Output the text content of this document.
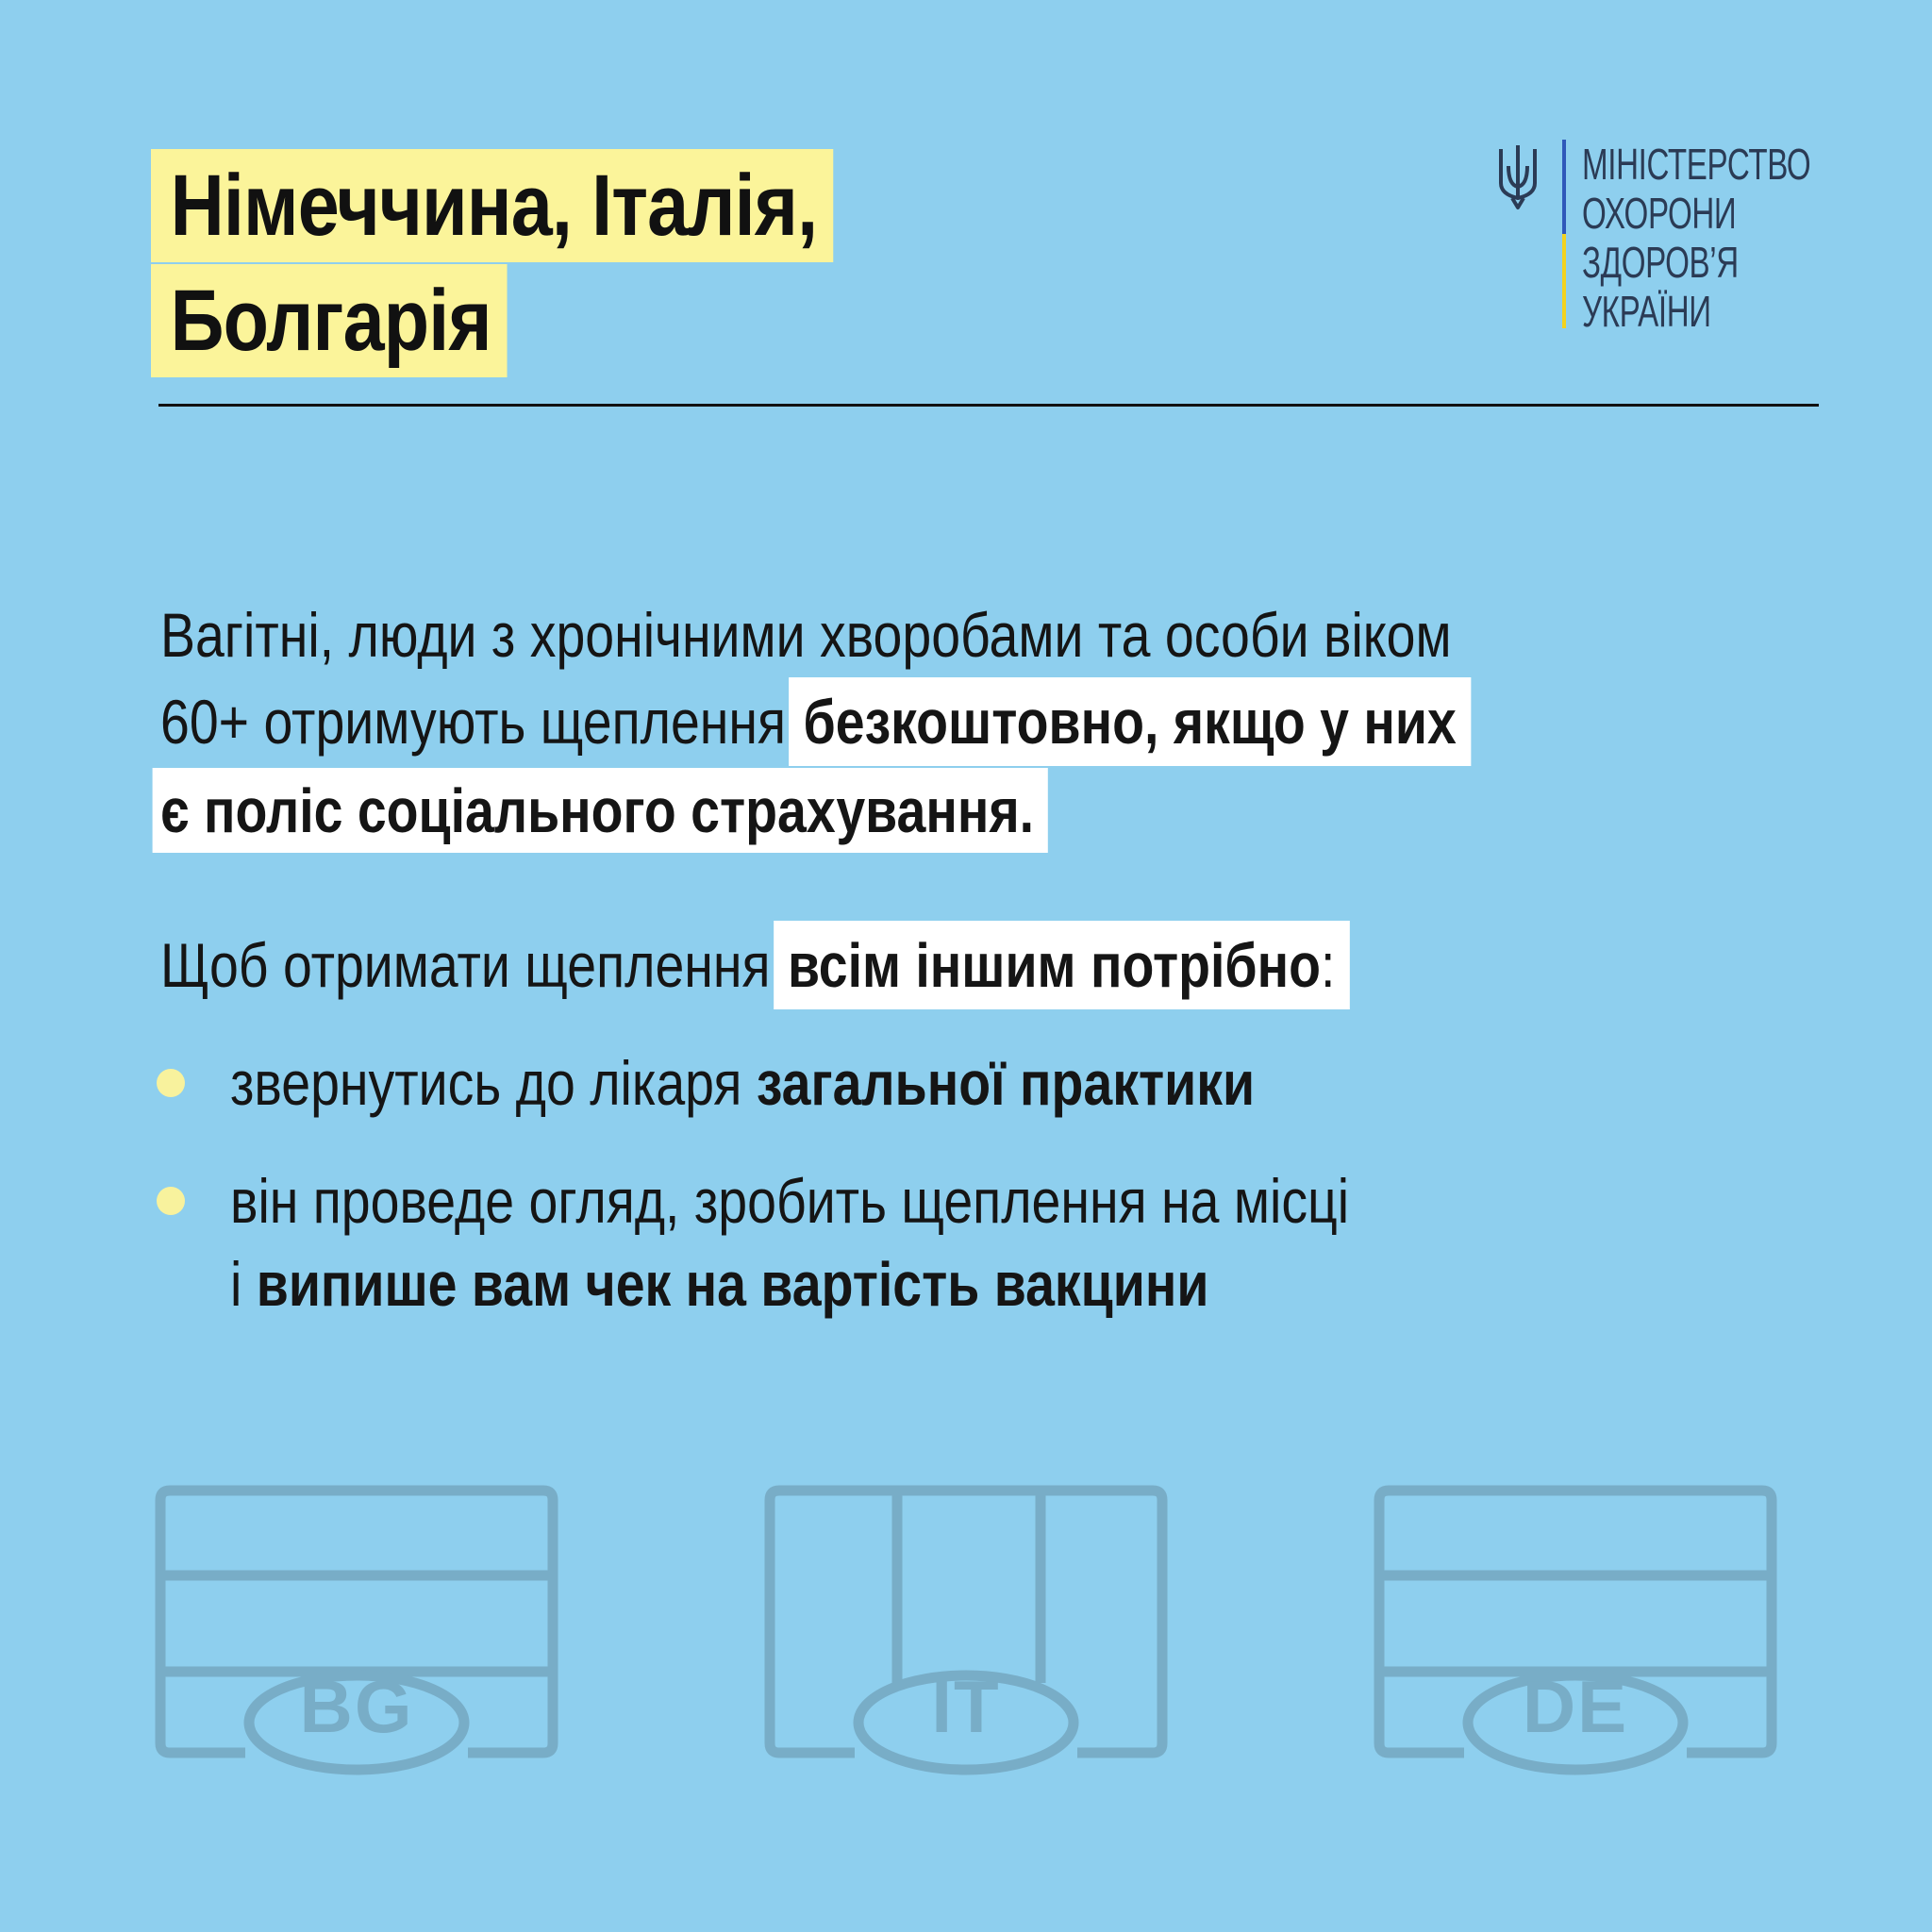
Німеччина, Італія,
Болгарія
МІНІСТЕРСТВО
ОХОРОНИ
ЗДОРОВ’Я
УКРАЇНИ
Вагітні, люди з хронічними хворобами та особи віком
60+ отримують щеплення безкоштовно, якщо у них
є поліс соціального страхування.
Щоб отримати щеплення всім іншим потрібно:
звернутись до лікаря загальної практики
він проведе огляд, зробить щеплення на місці
і випише вам чек на вартість вакцини
BG	IT	DE
